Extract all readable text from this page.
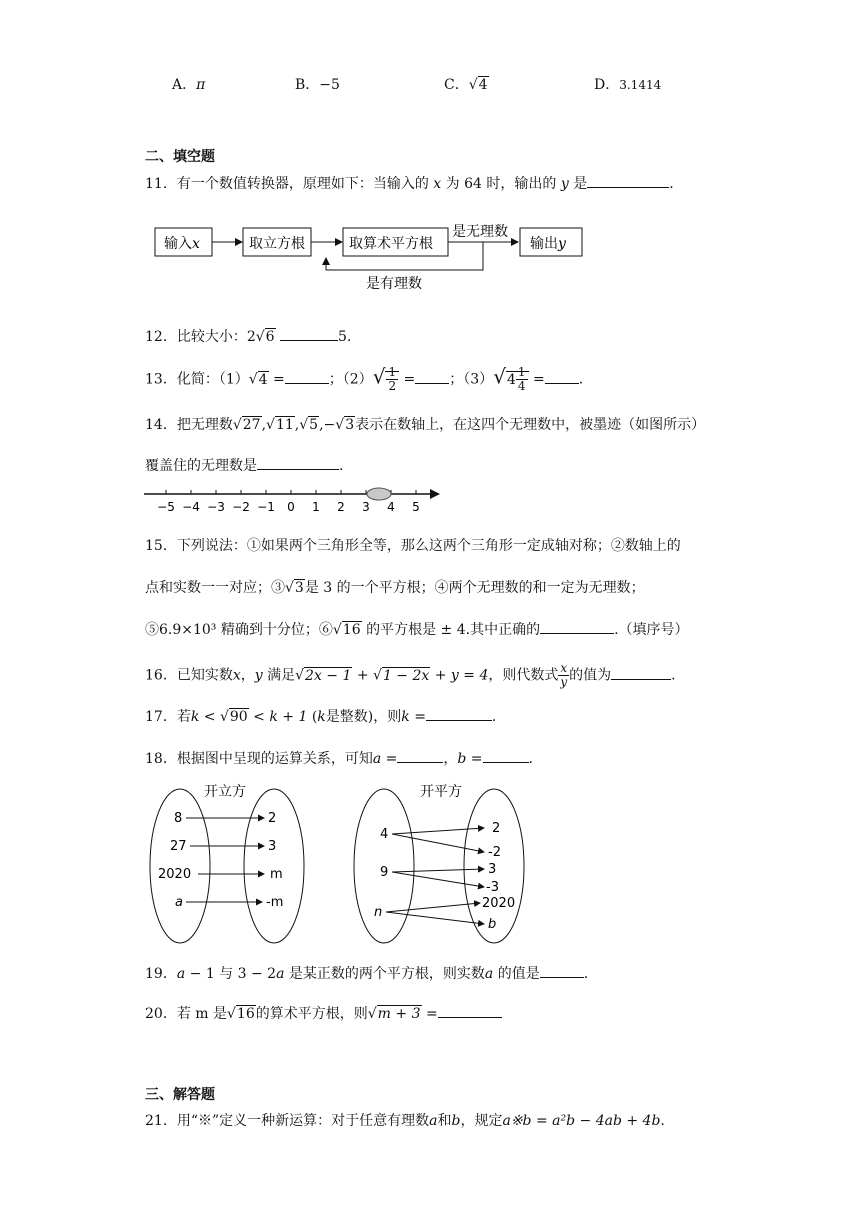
A．π	B．−5	C．√4	D．3.1414
二、填空题
11．有一个数值转换器，原理如下：当输入的 x 为 64 时，输出的 y 是	.
输入x	取立方根	取算术平方根
是无理数
输出y
是有理数
12．比较大小：2√6	5．
13．化简：（1）√4 =	；$(2)√ \frac{1}{2}$ = ；$(3)√4 \frac{1}{4}$ = .
14．把无理数√27,√11,√5,−√3表示在数轴上，在这四个无理数中，被墨迹（如图所示）
覆盖住的无理数是	.
−5 −4 −3 −2 −1 0 1 2 3 4 5
15．下列说法：①如果两个三角形全等，那么这两个三角形一定成轴对称；②数轴上的
点和实数一一对应；③√3是 3 的一个平方根；④两个无理数的和一定为无理数；
⑤6.9×10³ 精确到十分位；⑥√16 的平方根是 ± 4.其中正确的	.（填序号）
16．已知实数x，y 满足√2x − 1 + √1 − 2x + y = 4，则代数式 $\frac{x}{y}$ 的值为	.
17．若k < √90 < k + 1 (k是整数)，则k =	.
18．根据图中呈现的运算关系，可知a =	，b =	.
开立方
8
27
2020
a
2
3
m
-m
开平方
4
9
n
2
-2
3
-3
2020
b
19．a − 1 与 3 − 2a 是某正数的两个平方根，则实数a 的值是	.
20．若 m 是√16的算术平方根，则√m + 3 =
三、解答题
21．用“※”定义一种新运算：对于任意有理数a和b，规定a※b = a²b − 4ab + 4b.
